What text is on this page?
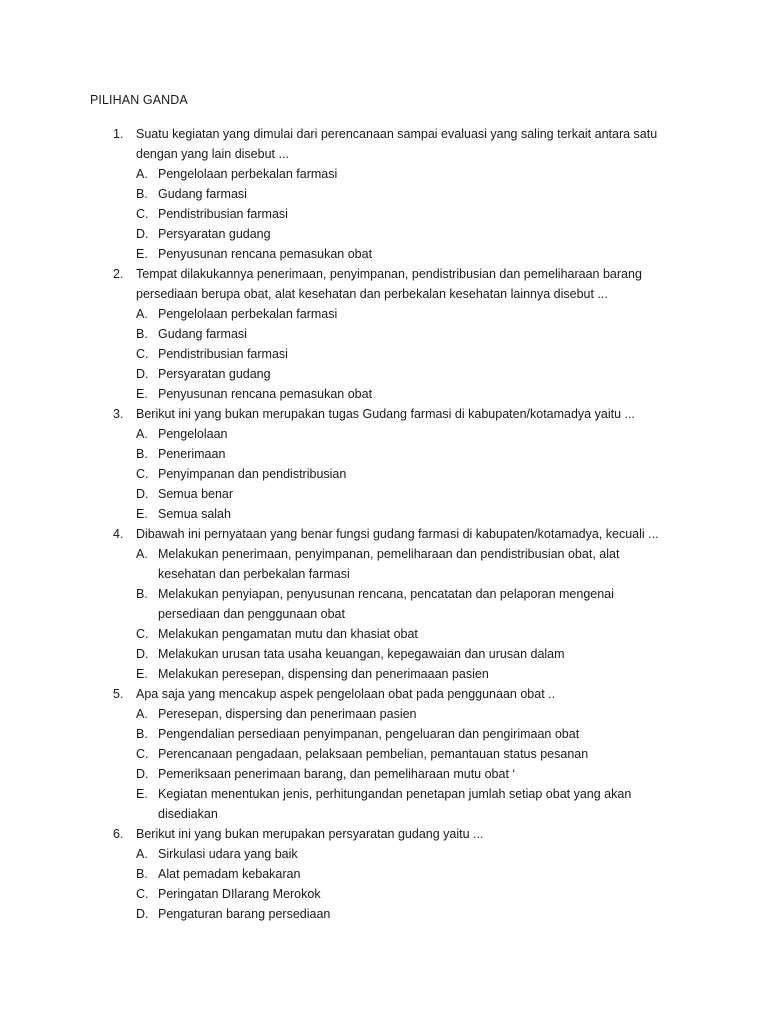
PILIHAN GANDA
1.	Suatu kegiatan yang dimulai dari perencanaan sampai evaluasi yang saling terkait antara satu
dengan yang lain disebut ...
A. Pengelolaan perbekalan farmasi
B. Gudang farmasi
C. Pendistribusian farmasi
D. Persyaratan gudang
E. Penyusunan rencana pemasukan obat
2.	Tempat dilakukannya penerimaan, penyimpanan, pendistribusian dan pemeliharaan barang
persediaan berupa obat, alat kesehatan dan perbekalan kesehatan lainnya disebut ...
A. Pengelolaan perbekalan farmasi
B. Gudang farmasi
C. Pendistribusian farmasi
D. Persyaratan gudang
E. Penyusunan rencana pemasukan obat
3.	Berikut ini yang bukan merupakan tugas Gudang farmasi di kabupaten/kotamadya yaitu ...
A. Pengelolaan
B. Penerimaan
C. Penyimpanan dan pendistribusian
D. Semua benar
E. Semua salah
4.	Dibawah ini pernyataan yang benar fungsi gudang farmasi di kabupaten/kotamadya, kecuali ...
A. Melakukan penerimaan, penyimpanan, pemeliharaan dan pendistribusian obat, alat
kesehatan dan perbekalan farmasi
B. Melakukan penyiapan, penyusunan rencana, pencatatan dan pelaporan mengenai
persediaan dan penggunaan obat
C. Melakukan pengamatan mutu dan khasiat obat
D. Melakukan urusan tata usaha keuangan, kepegawaian dan urusan dalam
E. Melakukan peresepan, dispensing dan penerimaaan pasien
5.	Apa saja yang mencakup aspek pengelolaan obat pada penggunaan obat ..
A. Peresepan, dispersing dan penerimaan pasien
B. Pengendalian persediaan penyimpanan, pengeluaran dan pengirimaan obat
C. Perencanaan pengadaan, pelaksaan pembelian, pemantauan status pesanan
D. Pemeriksaan penerimaan barang, dan pemeliharaan mutu obat ‘
E. Kegiatan menentukan jenis, perhitungandan penetapan jumlah setiap obat yang akan
disediakan
6.	Berikut ini yang bukan merupakan persyaratan gudang yaitu ...
A. Sirkulasi udara yang baik
B. Alat pemadam kebakaran
C. Peringatan DIlarang Merokok
D. Pengaturan barang persediaan
